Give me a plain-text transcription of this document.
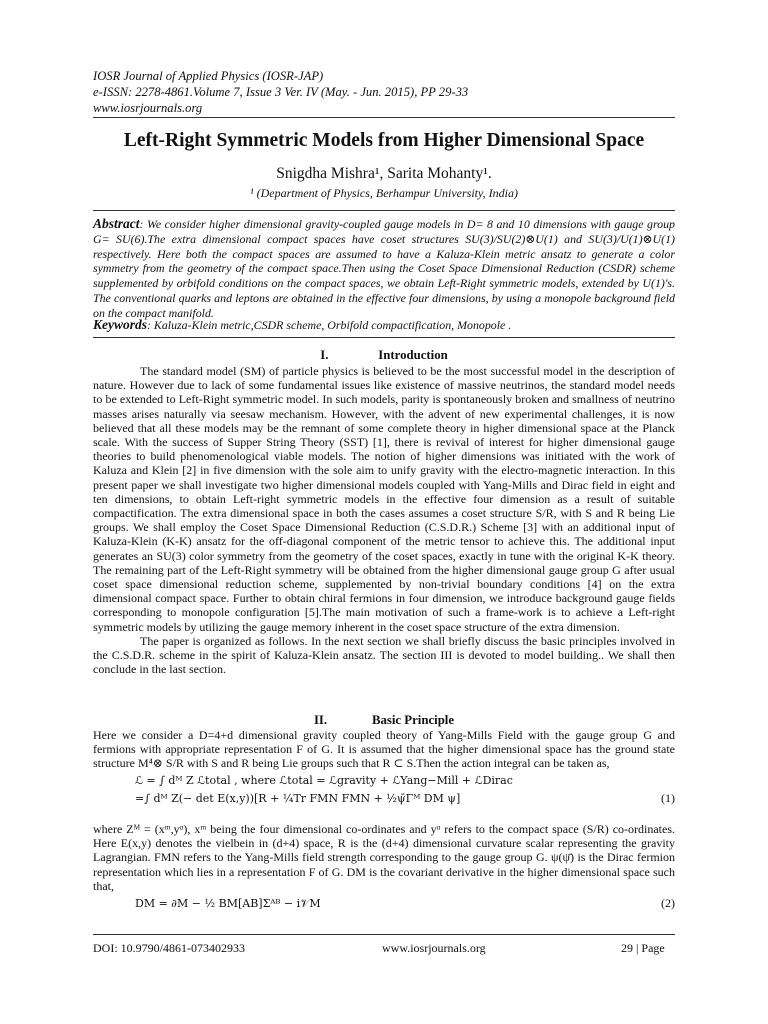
IOSR Journal of Applied Physics (IOSR-JAP)
e-ISSN: 2278-4861.Volume 7, Issue 3 Ver. IV (May. - Jun. 2015), PP 29-33
www.iosrjournals.org
Left-Right Symmetric Models from Higher Dimensional Space
Snigdha Mishra¹, Sarita Mohanty¹.
¹ (Department of Physics, Berhampur University, India)
Abstract: We consider higher dimensional gravity-coupled gauge models in D= 8 and 10 dimensions with gauge group G= SU(6).The extra dimensional compact spaces have coset structures SU(3)/SU(2)⊗U(1) and SU(3)/U(1)⊗U(1) respectively. Here both the compact spaces are assumed to have a Kaluza-Klein metric ansatz to generate a color symmetry from the geometry of the compact space.Then using the Coset Space Dimensional Reduction (CSDR) scheme supplemented by orbifold conditions on the compact spaces, we obtain Left-Right symmetric models, extended by U(1)'s. The conventional quarks and leptons are obtained in the effective four dimensions, by using a monopole background field on the compact manifold.
Keywords: Kaluza-Klein metric,CSDR scheme, Orbifold compactification, Monopole .
I.	Introduction

The standard model (SM) of particle physics is believed to be the most successful model in the description of nature. However due to lack of some fundamental issues like existence of massive neutrinos, the standard model needs to be extended to Left-Right symmetric model. In such models, parity is spontaneously broken and smallness of neutrino masses arises naturally via seesaw mechanism. However, with the advent of new experimental challenges, it is now believed that all these models may be the remnant of some complete theory in higher dimensional space at the Planck scale. With the success of Supper String Theory (SST) [1], there is revival of interest for higher dimensional gauge theories to build phenomenological viable models. The notion of higher dimensions was initiated with the work of Kaluza and Klein [2] in five dimension with the sole aim to unify gravity with the electro-magnetic interaction. In this present paper we shall investigate two higher dimensional models coupled with Yang-Mills and Dirac field in eight and ten dimensions, to obtain Left-right symmetric models in the effective four dimension as a result of suitable compactification. The extra dimensional space in both the cases assumes a coset structure S/R, with S and R being Lie groups. We shall employ the Coset Space Dimensional Reduction (C.S.D.R.) Scheme [3] with an additional input of Kaluza-Klein (K-K) ansatz for the off-diagonal component of the metric tensor to achieve this. The additional input generates an SU(3) color symmetry from the geometry of the coset spaces, exactly in tune with the original K-K theory. The remaining part of the Left-Right symmetry will be obtained from the higher dimensional gauge group G after usual coset space dimensional reduction scheme, supplemented by non-trivial boundary conditions [4] on the extra dimensional compact space. Further to obtain chiral fermions in four dimension, we introduce background gauge fields corresponding to monopole configuration [5].The main motivation of such a frame-work is to achieve a Left-right symmetric models by utilizing the gauge memory inherent in the coset space structure of the extra dimension.

The paper is organized as follows. In the next section we shall briefly discuss the basic principles involved in the C.S.D.R. scheme in the spirit of Kaluza-Klein ansatz. The section III is devoted to model building.. We shall then conclude in the last section.

II.	Basic Principle

Here we consider a D=4+d dimensional gravity coupled theory of Yang-Mills Field with the gauge group G and fermions with appropriate representation F of G. It is assumed that the higher dimensional space has the ground state structure M⁴⊗ S/R with S and R being Lie groups such that R ⊂ S.Then the action integral can be taken as,

ℒ = ∫ dᴹ Z ℒtotal , where ℒtotal = ℒgravity + ℒYang−Mill + ℒDirac
=∫ dᴹ Z(− det E(x,y))[R + ¼Tr FMN FMN + ½ψ̄Γᴹ DM ψ]	(1)

where Zᴹ = (xᵐ,yᵅ), xᵐ being the four dimensional co-ordinates and yᵅ refers to the compact space (S/R) co-ordinates. Here E(x,y) denotes the vielbein in (d+4) space, R is the (d+4) dimensional curvature scalar representing the gravity Lagrangian. FMN refers to the Yang-Mills field strength corresponding to the gauge group G. ψ(ψ̄) is the Dirac fermion representation which lies in a representation F of G. DM is the covariant derivative in the higher dimensional space such that,

DM = ∂M − ½ BM[AB]Σᴬᴮ − i𝒱M	(2)
DOI: 10.9790/4861-073402933	www.iosrjournals.org	29 | Page
